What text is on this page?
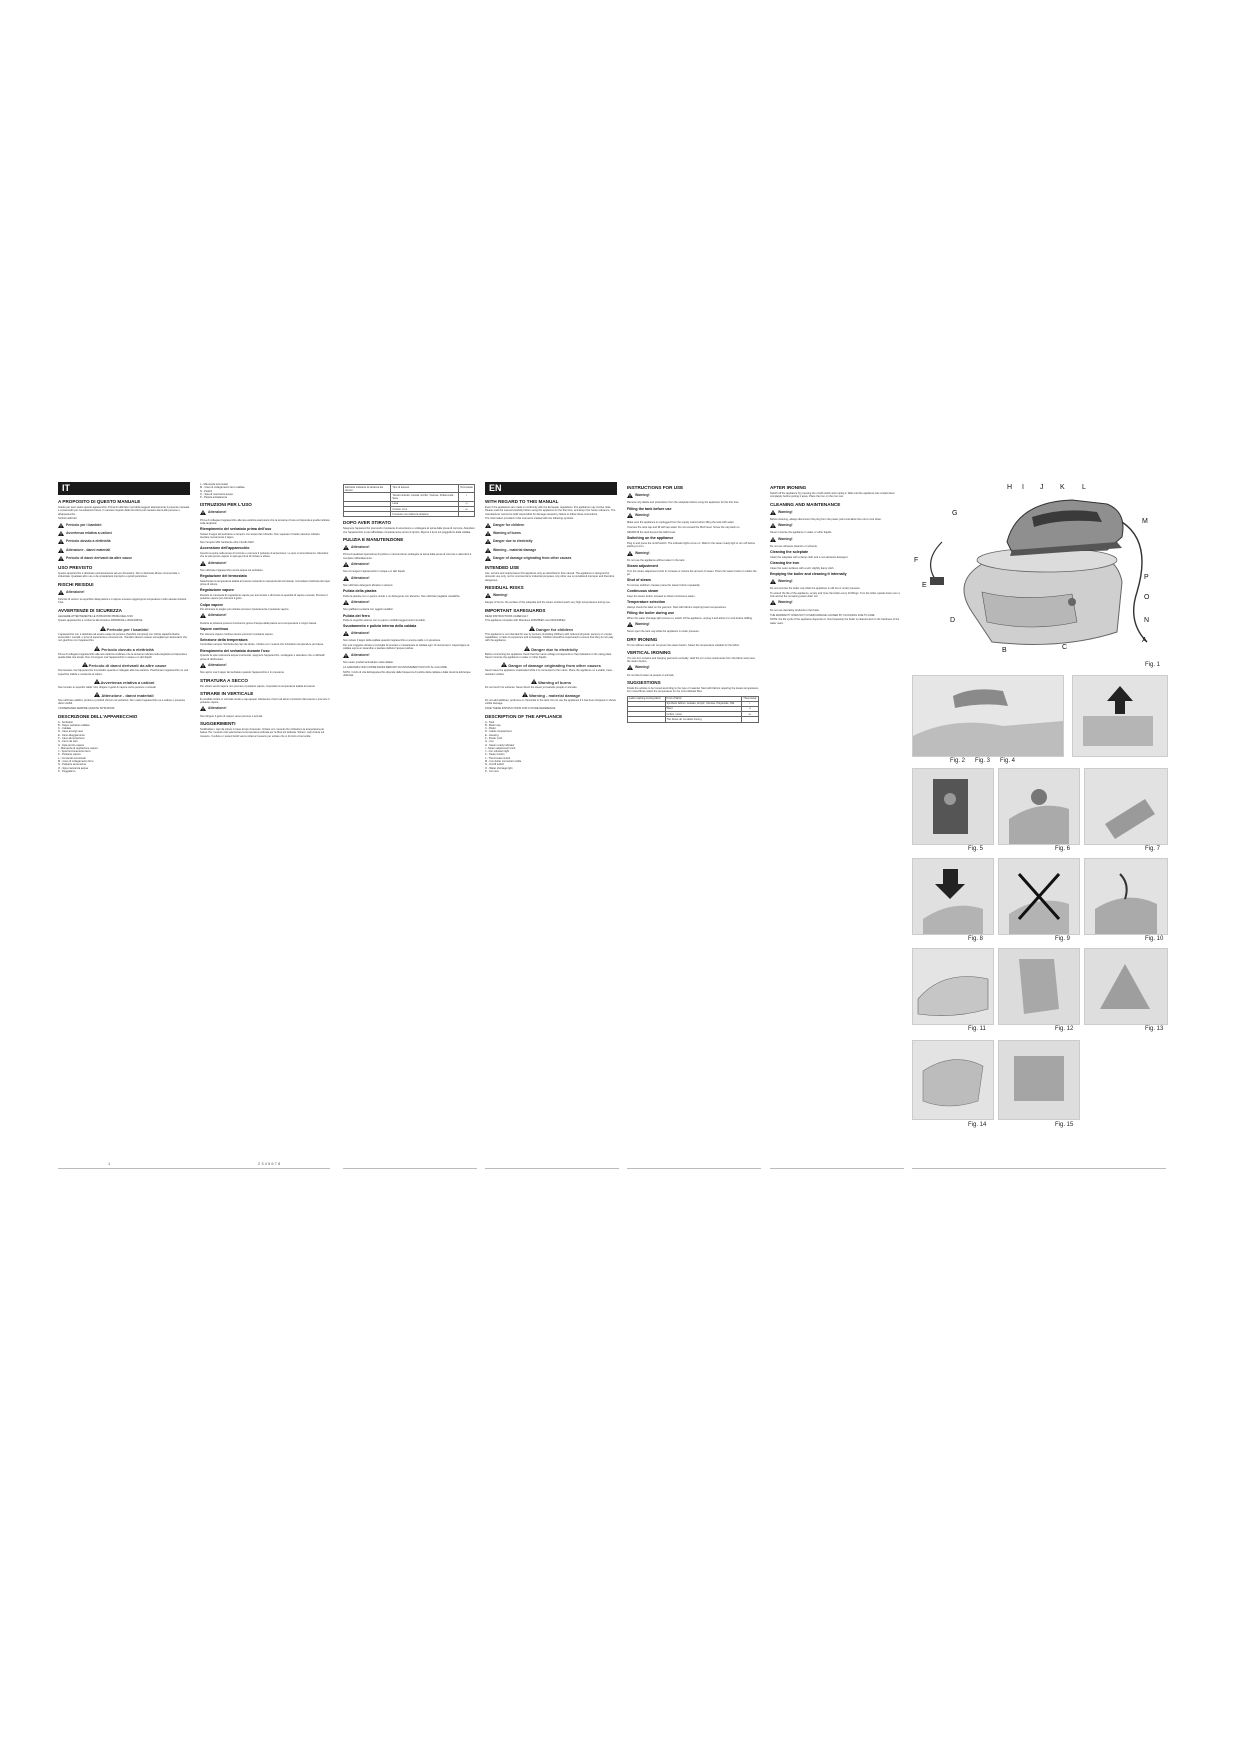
IT
A PROPOSITO DI QUESTO MANUALE

Grazie per aver scelto questo apparecchio. Prima di utilizzare il prodotto leggere attentamente il presente manuale e conservarlo per consultazioni future. Il mancato rispetto delle istruzioni può causare danni alle persone o all'apparecchio.

Simboli utilizzati:

Pericolo per i bambini
Avvertenza relativa a ustioni
Pericolo dovuto a elettricità
Attenzione - danni materiali
Pericolo di danni derivanti da altre cause
USO PREVISTO

Questo apparecchio è destinato esclusivamente ad uso domestico. Non è destinato all'uso commerciale o industriale. Qualsiasi altro uso è da considerarsi improprio e quindi pericoloso.

RISCHI RESIDUI
Attenzione!

Pericolo di ustioni: la superficie della piastra e il vapore emesso raggiungono temperature molto elevate durante l'uso.

AVVERTENZE DI SICUREZZA

LEGGERE ATTENTAMENTE LE ISTRUZIONI PRIMA DELL'USO

Questo apparecchio è conforme alle Direttive 2006/95/CE e 2004/108/CE.

Pericolo per i bambini

L'apparecchio non è destinato ad essere usato da persone (bambini compresi) con ridotte capacità fisiche, sensoriali o mentali, o prive di esperienza e conoscenza. I bambini devono essere sorvegliati per assicurarsi che non giochino con l'apparecchio.

Pericolo dovuto a elettricità

Prima di collegare l'apparecchio alla rete elettrica verificare che la tensione indicata sulla targhetta corrisponda a quella della rete locale. Non immergere mai l'apparecchio in acqua o in altri liquidi.

Pericolo di danni derivanti da altre cause

Non lasciare mai l'apparecchio incustodito quando è collegato alla rete elettrica. Posizionare l'apparecchio su una superficie stabile e resistente al calore.

Avvertenza relativa a ustioni

Non toccare le superfici calde. Non dirigere il getto di vapore verso persone o animali.

Attenzione - danni materiali

Non utilizzare additivi, profumi o prodotti chimici nel serbatoio. Non usare l'apparecchio se è caduto o presenta danni visibili.

CONSERVARE SEMPRE QUESTE ISTRUZIONI

DESCRIZIONE DELL'APPARECCHIO
A - Serbatoio
B - Tappo serbatoio caldaia
C - Caldaia
D - Vano avvolgi cavo
E - Vano alloggiamento
F - Cavo alimentazione
G - Ferro da stiro
H - Spia pronto vapore
I - Manopola di regolazione vapore
J - Spia funzionamento ferro
K - Pulsante vapore
L - Comando termostato
M - Cavo di collegamento ferro
N - Pulsante accensione
O - Spia mancanza acqua
P - Poggiaferro
L - Manopola termostato
M - Cavo di collegamento ferro caldaia
N - Piedini
O - Spia di mancanza acqua
P - Piastra antiaderente
ISTRUZIONI PER L'USO
Attenzione!

Prima di collegare l'apparecchio alla rete elettrica assicurarsi che la tensione di rete corrisponda a quella indicata sulla targhetta.

Riempimento del serbatoio prima dell'uso

Svitare il tappo del serbatoio e riempire con acqua del rubinetto. Non superare il livello massimo indicato. Avvitare nuovamente il tappo.

Non riempire MAI l'ambiente oltre il livello MAX.

Accensione dell'apparecchio

Inserire la spina nella presa di corrente e premere il pulsante di accensione. Le spie si accenderanno. Attendere che la spia pronto vapore si spenga prima di iniziare a stirare.

Attenzione!

Non utilizzare l'apparecchio senza acqua nel serbatoio.

Regolazione del termostato

Selezionare la temperatura adatta al tessuto ruotando la manopola del termostato. Consultare l'etichetta del capo prima di stirare.

Regolazione vapore

Ruotare la manopola di regolazione vapore per aumentare o diminuire la quantità di vapore emessa. Premere il pulsante vapore per ottenere il getto.

Colpo vapore

Per eliminare le pieghe più ostinate premere ripetutamente il pulsante vapore.

Attenzione!

Durante la stiratura possono fuoriuscire gocce d'acqua dalla piastra se la temperatura è troppo bassa.

Vapore continuo

Per ottenere vapore continuo tenere premuto il pulsante vapore.

Selezione della temperatura

Controllare sempre l'etichetta dei capi da stirare. Iniziare con i tessuti che richiedono temperature più basse.

Riempimento del serbatoio durante l'uso

Quando la spia mancanza acqua si accende, spegnere l'apparecchio, scollegarlo e attendere che si raffreddi prima di rabboccare.

Attenzione!

Non aprire mai il tappo del serbatoio quando l'apparecchio è in pressione.

STIRATURA A SECCO

Per stirare senza vapore non premere il pulsante vapore. Impostare la temperatura adatta al tessuto.

STIRARE IN VERTICALE

È possibile stirare in verticale tende e capi appesi. Mantenere il ferro ad alcuni centimetri dal tessuto e premere il pulsante vapore.

Attenzione!

Non dirigere il getto di vapore verso persone o animali.

SUGGERIMENTI

Suddividere i capi da stirare in base al tipo di tessuto. Iniziare con i tessuti che richiedono la temperatura più bassa. Per i tessuti misti selezionare la temperatura indicata per la fibra più delicata. Stirare i capi di lana sul rovescio. Il velluto e i tessuti lucidi vanno stirati al rovescio per evitare che si formino zone lucide.

Etichetta indicante la stiratura dei tessuti	Tipo di tessuto	Termostato
	Tessuti sintetici, Acetati, Acrilici, Viscose, Poliammide, Seta	•
	Lana	••
	Cotone, Lino	•••
	Il tessuto non tollera la stiratura	
DOPO AVER STIRATO

Spegnere l'apparecchio premendo il pulsante di accensione e scollegare la spina dalla presa di corrente. Attendere che l'apparecchio si sia raffreddato completamente prima di riporlo. Riporre il ferro sul poggiaferro della caldaia.

PULIZIA E MANUTENZIONE
Attenzione!

Prima di qualsiasi operazione di pulizia o manutenzione scollegare la spina dalla presa di corrente e attendere il completo raffreddamento.

Attenzione!

Non immergere l'apparecchio in acqua o in altri liquidi.

Attenzione!

Non utilizzare detergenti abrasivi o solventi.

Pulizia della piastra

Pulire la piastra con un panno umido e un detergente non abrasivo. Non utilizzare pagliette metalliche.

Attenzione!

Non graffiare la piastra con oggetti metallici.

Pulizia del ferro

Pulire le superfici esterne con un panno morbido leggermente inumidito.

Svuotamento e pulizia interna della caldaia
Attenzione!

Non svitare il tappo della caldaia quando l'apparecchio è ancora caldo o in pressione.

Per una maggiore durata si consiglia di svuotare e risciacquare la caldaia ogni 10 riempimenti. Capovolgere la caldaia sopra un lavandino e lasciare defluire l'acqua residua.

Attenzione!

Non usare prodotti anticalcare nella caldaia.

LA GARANZIA NON COPRE DANNI DERIVATI DA INTASAMENTI DOVUTI AL CALCARE.

NOTA: il ciclo di vita dell'apparecchio dipende dalla frequenza di pulizia della caldaia e dalla durezza dell'acqua utilizzata.

EN
WITH REGARD TO THIS MANUAL

Even if the appliances are made in conformity with the European regulations, this appliance may involve risks. Please read the manual carefully before using the appliance for the first time, and keep it for future reference. The manufacturer cannot be held responsible for damage caused by failure to follow these instructions.

The information provided in this manual is marked with the following symbols:

Danger for children
Warning of burns
Danger due to electricity
Warning - material damage
Danger of damage originating from other causes
INTENDED USE

Use, service and maintenance this appliance only as described in this manual. The appliance is designed for domestic use only, not for commercial or industrial purposes. Any other use is considered improper and therefore dangerous.

RESIDUAL RISKS
Warning!

Danger of burns: the surface of the soleplate and the steam emitted reach very high temperatures during use.

IMPORTANT SAFEGUARDS

READ INSTRUCTIONS CAREFULLY

This appliance complies with Directives 2006/95/EC and 2004/108/EC.

Danger for children

This appliance is not intended for use by persons (including children) with reduced physical, sensory or mental capabilities, or lack of experience and knowledge. Children should be supervised to ensure that they do not play with the appliance.

Danger due to electricity

Before connecting the appliance check that the mains voltage corresponds to that indicated on the rating plate. Never immerse the appliance in water or other liquids.

Danger of damage originating from other causes

Never leave the appliance unattended while it is connected to the mains. Place the appliance on a stable, heat-resistant surface.

Warning of burns

Do not touch hot surfaces. Never direct the steam jet towards people or animals.

Warning - material damage

Do not add additives, perfumes or chemicals to the tank. Do not use the appliance if it has been dropped or shows visible damage.

SAVE THESE INSTRUCTIONS FOR FUTURE REFERENCE.

DESCRIPTION OF THE APPLIANCE
A - Tank
B - Boiler cap
C - Boiler
D - Cable compartment
E - Housing
F - Power cord
G - Iron
H - Steam ready indicator
I - Steam adjustment knob
J - Iron indicator light
K - Steam button
L - Thermostat control
M - Iron-boiler connection cable
N - On/off switch
O - Water shortage light
P - Iron rest
INSTRUCTIONS FOR USE
Warning!

Remove any labels and protections from the soleplate before using the appliance for the first time.

Filling the tank before use
Warning!

Make sure the appliance is unplugged from the supply mains before filling the tank with water.

Unscrew the tank cap and fill with tap water. Do not exceed the MAX level. Screw the cap back on.

NEVER fill the tank beyond the MAX level.

Switching on the appliance

Plug in and press the on/off switch. The indicator lights come on. Wait for the steam ready light to turn off before starting to iron.

Warning!

Do not use the appliance without water in the tank.

Steam adjustment

Turn the steam adjustment knob to increase or reduce the amount of steam. Press the steam button to obtain the jet.

Shot of steam

To remove stubborn creases press the steam button repeatedly.

Continuous steam

Keep the steam button pressed to obtain continuous steam.

Temperature selection

Always check the label on the garment. Start with fabrics requiring lower temperatures.

Filling the boiler during use

When the water shortage light comes on, switch off the appliance, unplug it and allow it to cool before refilling.

Warning!

Never open the tank cap while the appliance is under pressure.

DRY IRONING

To iron without steam do not press the steam button. Select the temperature suitable for the fabric.

VERTICAL IRONING

You can iron curtains and hanging garments vertically. Hold the iron a few centimetres from the fabric and press the steam button.

Warning!

Do not direct steam at people or animals.

SUGGESTIONS

Divide the articles to be ironed according to the type of material. Start with fabrics requiring the lowest temperature. For mixed fibres select the temperature for the most delicate fibre.

Label marking ironing fabric	Kind of fabric	Thermostat
	Synthetic fabrics, Acetate, Acrylic, Viscose, Polyamide, Silk	•
	Wool	••
	Cotton, Linen	•••
	The tissue do not allow ironing	
AFTER IRONING

Switch off the appliance by pressing the on/off switch and unplug it. Wait until the appliance has cooled down completely before putting it away. Place the iron on the iron rest.

CLEANING AND MAINTENANCE
Warning!

Before cleaning, always disconnect the plug from the power point and allow the unit to cool down.

Warning!

Never immerse the appliance in water or other liquids.

Warning!

Do not use abrasive cleaners or solvents.

Cleaning the soleplate

Clean the soleplate with a damp cloth and a non-abrasive detergent.

Cleaning the iron

Clean the outer surfaces with a soft, slightly damp cloth.

Emptying the boiler and cleaning it internally
Warning!

Do not unscrew the boiler cap while the appliance is still hot or under pressure.

To extend the life of the appliance, empty and rinse the boiler every 10 fillings. Turn the boiler upside down over a sink and let the remaining water drain out.

Warning!

Do not use descaling products in the boiler.

THE WARRANTY DOES NOT COVER DAMAGE CAUSED BY CLOGGING DUE TO LIME.

NOTE: the life cycle of the appliance depends on how frequently the boiler is cleaned and on the hardness of the water used.

1	2 3 4 5 6 7 8
H I J K L
G
M
F
E
D
P
O
N
A
B	C
Fig. 1
Fig. 2 Fig. 3 Fig. 4
Fig. 5	Fig. 6	Fig. 7
Fig. 8	Fig. 9	Fig. 10
Fig. 11	Fig. 12	Fig. 13
Fig. 14	Fig. 15
